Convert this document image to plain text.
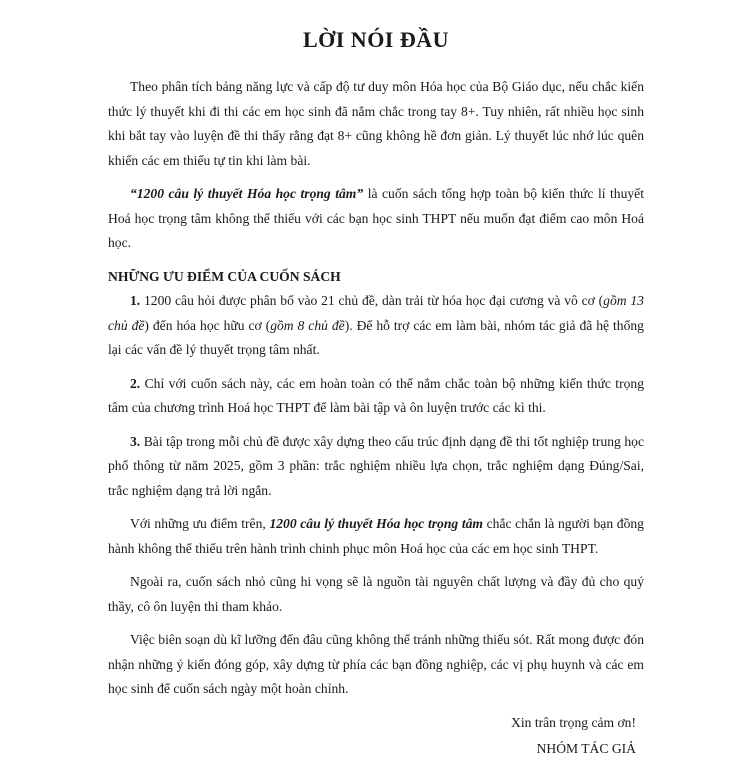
LỜI NÓI ĐẦU

Theo phân tích bảng năng lực và cấp độ tư duy môn Hóa học của Bộ Giáo dục, nếu chắc kiến thức lý thuyết khi đi thi các em học sinh đã nắm chắc trong tay 8+. Tuy nhiên, rất nhiều học sinh khi bắt tay vào luyện đề thi thấy rằng đạt 8+ cũng không hề đơn giản. Lý thuyết lúc nhớ lúc quên khiến các em thiếu tự tin khi làm bài.

“1200 câu lý thuyết Hóa học trọng tâm” là cuốn sách tổng hợp toàn bộ kiến thức lí thuyết Hoá học trọng tâm không thể thiếu với các bạn học sinh THPT nếu muốn đạt điểm cao môn Hoá học.

NHỮNG ƯU ĐIỂM CỦA CUỐN SÁCH

1. 1200 câu hỏi được phân bố vào 21 chủ đề, dàn trải từ hóa học đại cương và vô cơ (gồm 13 chủ đề) đến hóa học hữu cơ (gồm 8 chủ đề). Để hỗ trợ các em làm bài, nhóm tác giả đã hệ thống lại các vấn đề lý thuyết trọng tâm nhất.

2. Chỉ với cuốn sách này, các em hoàn toàn có thể nắm chắc toàn bộ những kiến thức trọng tâm của chương trình Hoá học THPT để làm bài tập và ôn luyện trước các kì thi.

3. Bài tập trong mỗi chủ đề được xây dựng theo cấu trúc định dạng đề thi tốt nghiệp trung học phổ thông từ năm 2025, gồm 3 phần: trắc nghiệm nhiều lựa chọn, trắc nghiệm dạng Đúng/Sai, trắc nghiệm dạng trả lời ngắn.

Với những ưu điểm trên, 1200 câu lý thuyết Hóa học trọng tâm chắc chắn là người bạn đồng hành không thể thiếu trên hành trình chinh phục môn Hoá học của các em học sinh THPT.

Ngoài ra, cuốn sách nhỏ cũng hi vọng sẽ là nguồn tài nguyên chất lượng và đầy đủ cho quý thầy, cô ôn luyện thi tham khảo.

Việc biên soạn dù kĩ lưỡng đến đâu cũng không thể tránh những thiếu sót. Rất mong được đón nhận những ý kiến đóng góp, xây dựng từ phía các bạn đồng nghiệp, các vị phụ huynh và các em học sinh để cuốn sách ngày một hoàn chỉnh.

Xin trân trọng cảm ơn!

NHÓM TÁC GIẢ
